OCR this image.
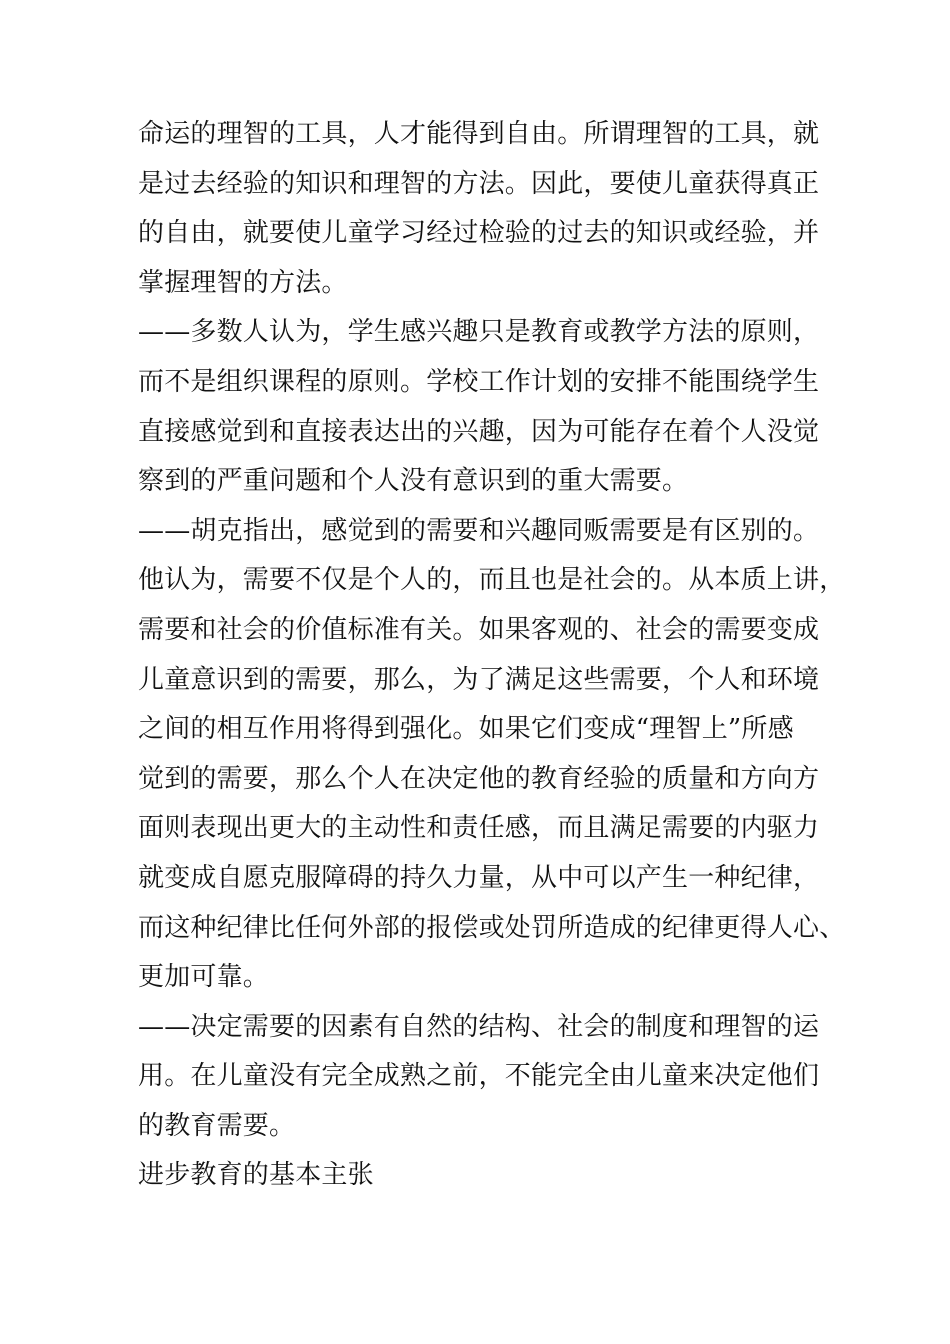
命运的理智的工具，人才能得到自由。所谓理智的工具，就
是过去经验的知识和理智的方法。因此，要使儿童获得真正
的自由，就要使儿童学习经过检验的过去的知识或经验，并
掌握理智的方法。
——多数人认为，学生感兴趣只是教育或教学方法的原则，
而不是组织课程的原则。学校工作计划的安排不能围绕学生
直接感觉到和直接表达出的兴趣，因为可能存在着个人没觉
察到的严重问题和个人没有意识到的重大需要。
——胡克指出，感觉到的需要和兴趣同贩需要是有区别的。
他认为，需要不仅是个人的，而且也是社会的。从本质上讲，
需要和社会的价值标准有关。如果客观的、社会的需要变成
儿童意识到的需要，那么，为了满足这些需要，个人和环境
之间的相互作用将得到强化。如果它们变成“理智上”所感
觉到的需要，那么个人在决定他的教育经验的质量和方向方
面则表现出更大的主动性和责任感，而且满足需要的内驱力
就变成自愿克服障碍的持久力量，从中可以产生一种纪律，
而这种纪律比任何外部的报偿或处罚所造成的纪律更得人心、
更加可靠。
——决定需要的因素有自然的结构、社会的制度和理智的运
用。在儿童没有完全成熟之前，不能完全由儿童来决定他们
的教育需要。
进步教育的基本主张
